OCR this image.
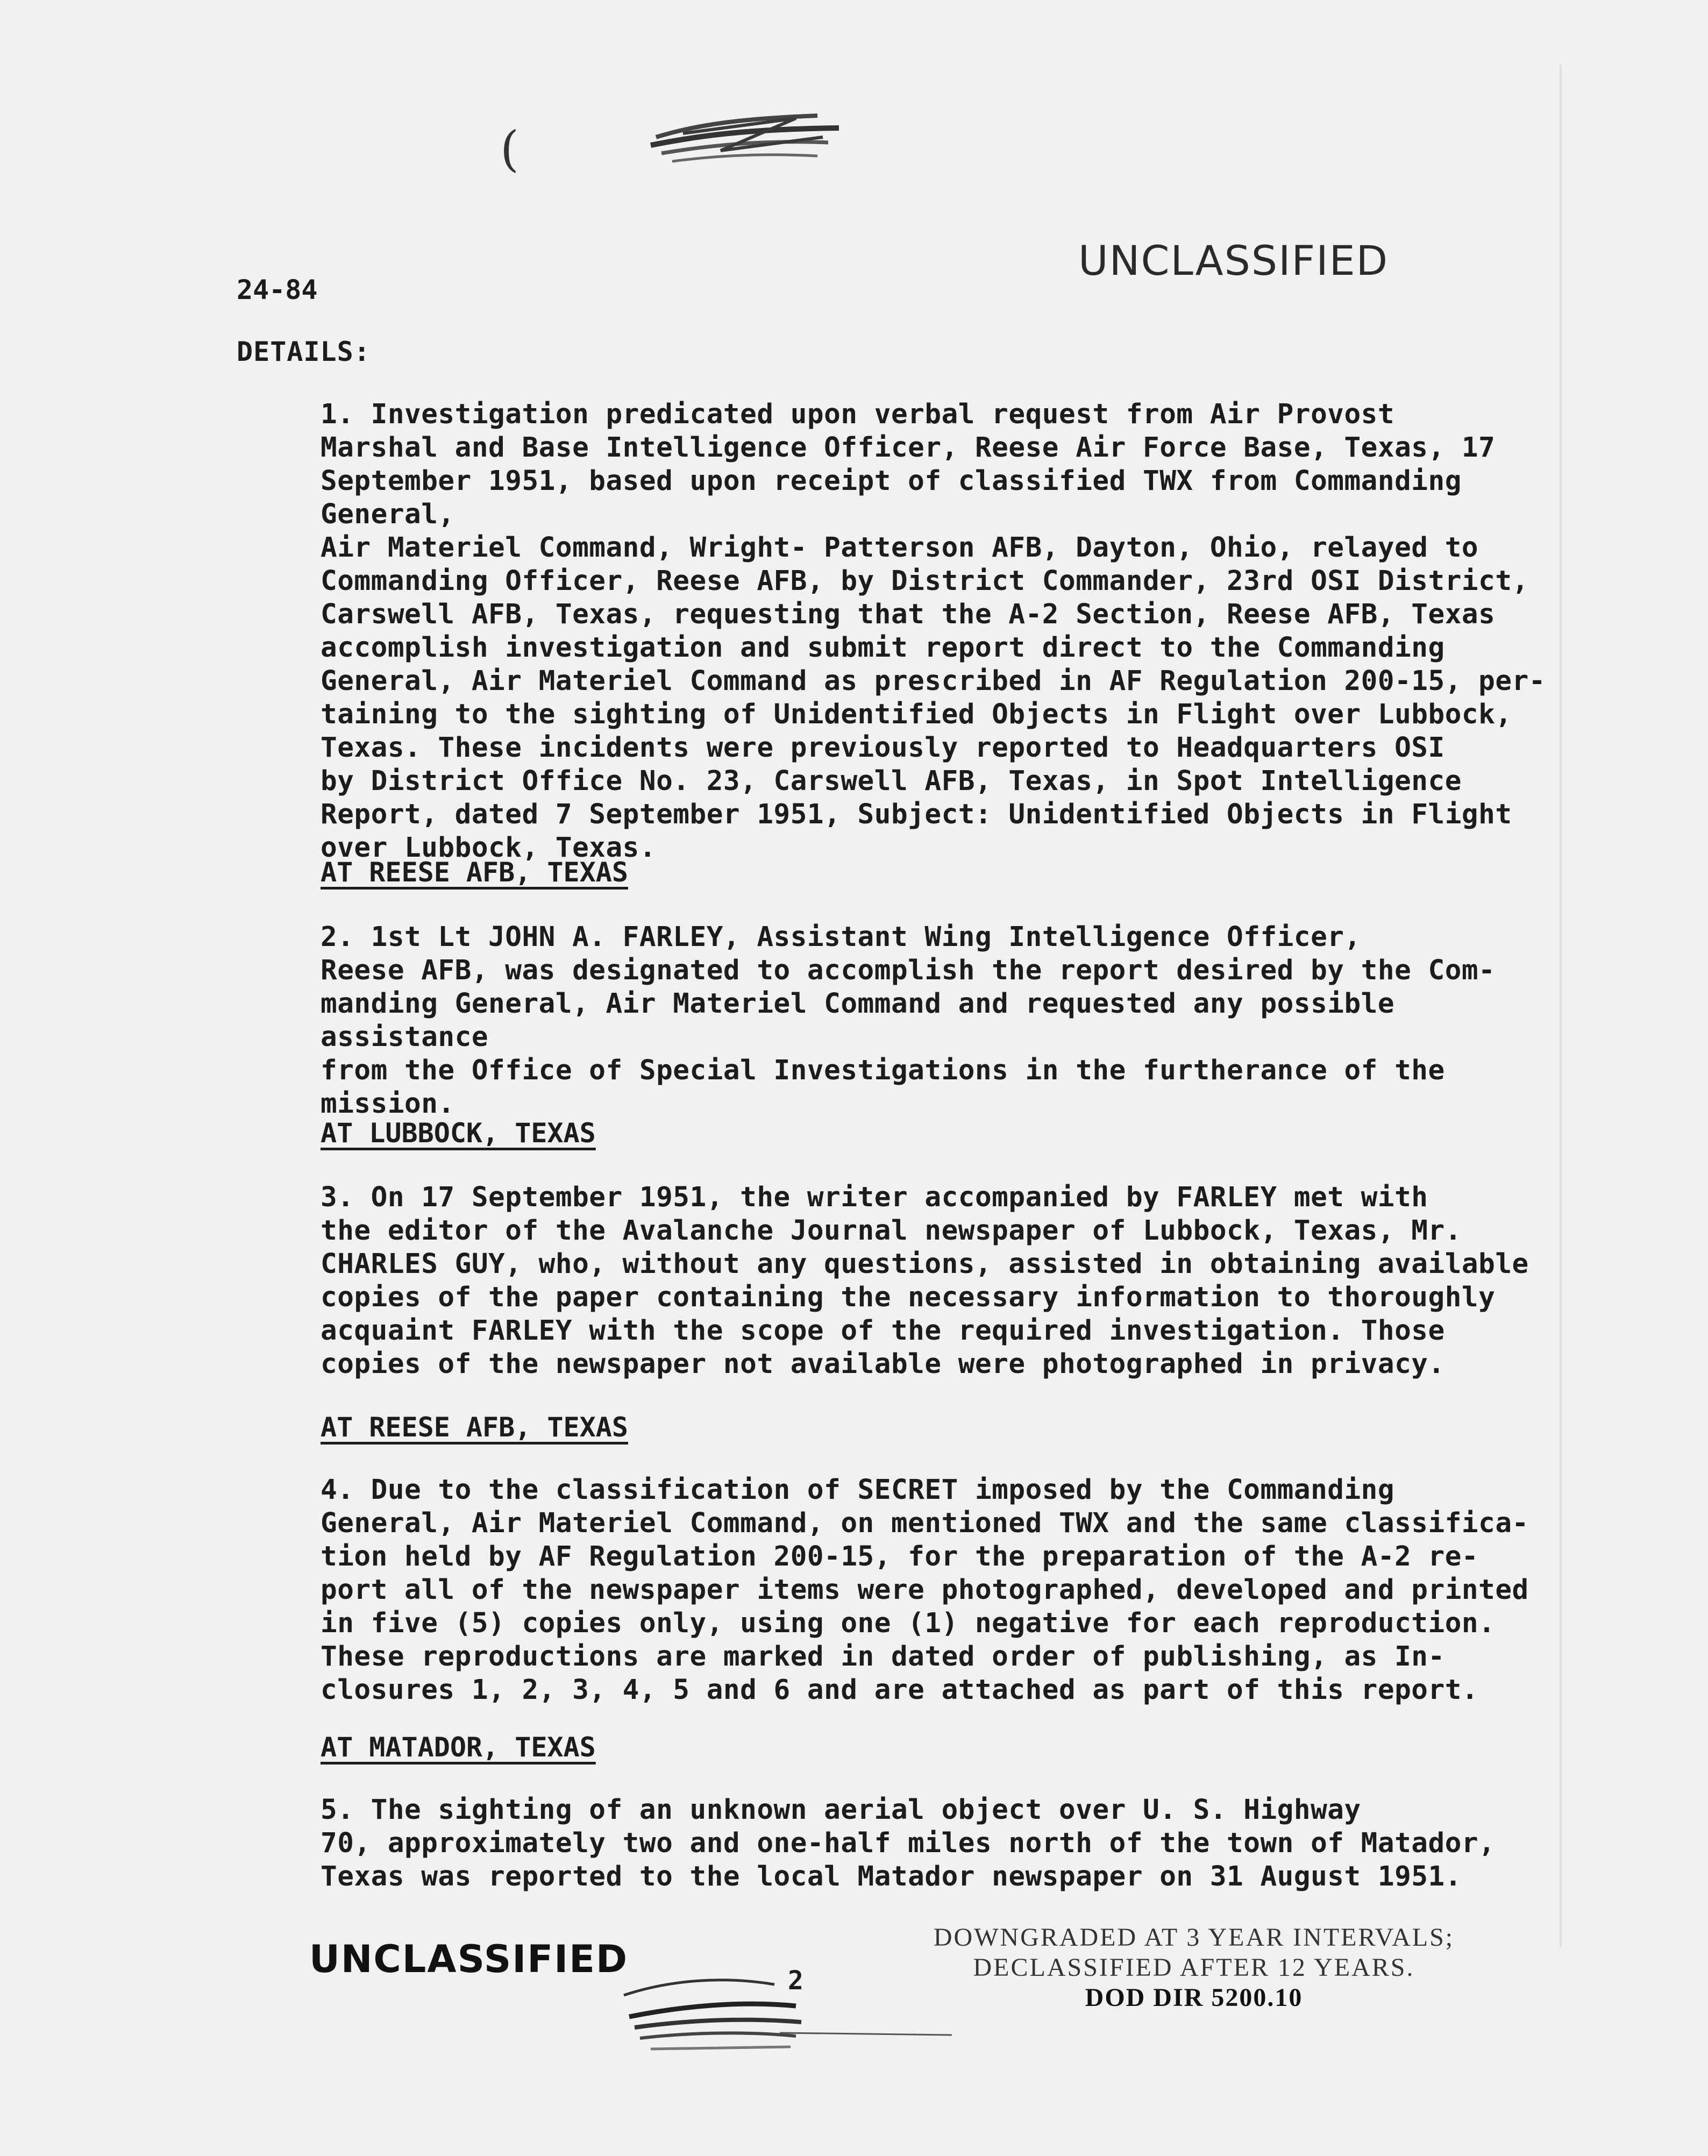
(
UNCLASSIFIED
24-84
DETAILS:

1. Investigation predicated upon verbal request from Air Provost
Marshal and Base Intelligence Officer, Reese Air Force Base, Texas, 17
September 1951, based upon receipt of classified TWX from Commanding General,
Air Materiel Command, Wright- Patterson AFB, Dayton, Ohio, relayed to
Commanding Officer, Reese AFB, by District Commander, 23rd OSI District,
Carswell AFB, Texas, requesting that the A-2 Section, Reese AFB, Texas
accomplish investigation and submit report direct to the Commanding
General, Air Materiel Command as prescribed in AF Regulation 200-15, per-
taining to the sighting of Unidentified Objects in Flight over Lubbock,
Texas. These incidents were previously reported to Headquarters OSI
by District Office No. 23, Carswell AFB, Texas, in Spot Intelligence
Report, dated 7 September 1951, Subject: Unidentified Objects in Flight
over Lubbock, Texas.

AT REESE AFB, TEXAS

2. 1st Lt JOHN A. FARLEY, Assistant Wing Intelligence Officer,
Reese AFB, was designated to accomplish the report desired by the Com-
manding General, Air Materiel Command and requested any possible assistance
from the Office of Special Investigations in the furtherance of the
mission.

AT LUBBOCK, TEXAS

3. On 17 September 1951, the writer accompanied by FARLEY met with
the editor of the Avalanche Journal newspaper of Lubbock, Texas, Mr.
CHARLES GUY, who, without any questions, assisted in obtaining available
copies of the paper containing the necessary information to thoroughly
acquaint FARLEY with the scope of the required investigation. Those
copies of the newspaper not available were photographed in privacy.

AT REESE AFB, TEXAS

4. Due to the classification of SECRET imposed by the Commanding
General, Air Materiel Command, on mentioned TWX and the same classifica-
tion held by AF Regulation 200-15, for the preparation of the A-2 re-
port all of the newspaper items were photographed, developed and printed
in five (5) copies only, using one (1) negative for each reproduction.
These reproductions are marked in dated order of publishing, as In-
closures 1, 2, 3, 4, 5 and 6 and are attached as part of this report.

AT MATADOR, TEXAS

5. The sighting of an unknown aerial object over U. S. Highway
70, approximately two and one-half miles north of the town of Matador,
Texas was reported to the local Matador newspaper on 31 August 1951.

UNCLASSIFIED	2
DOWNGRADED AT 3 YEAR INTERVALS;
DECLASSIFIED AFTER 12 YEARS.
DOD DIR 5200.10
